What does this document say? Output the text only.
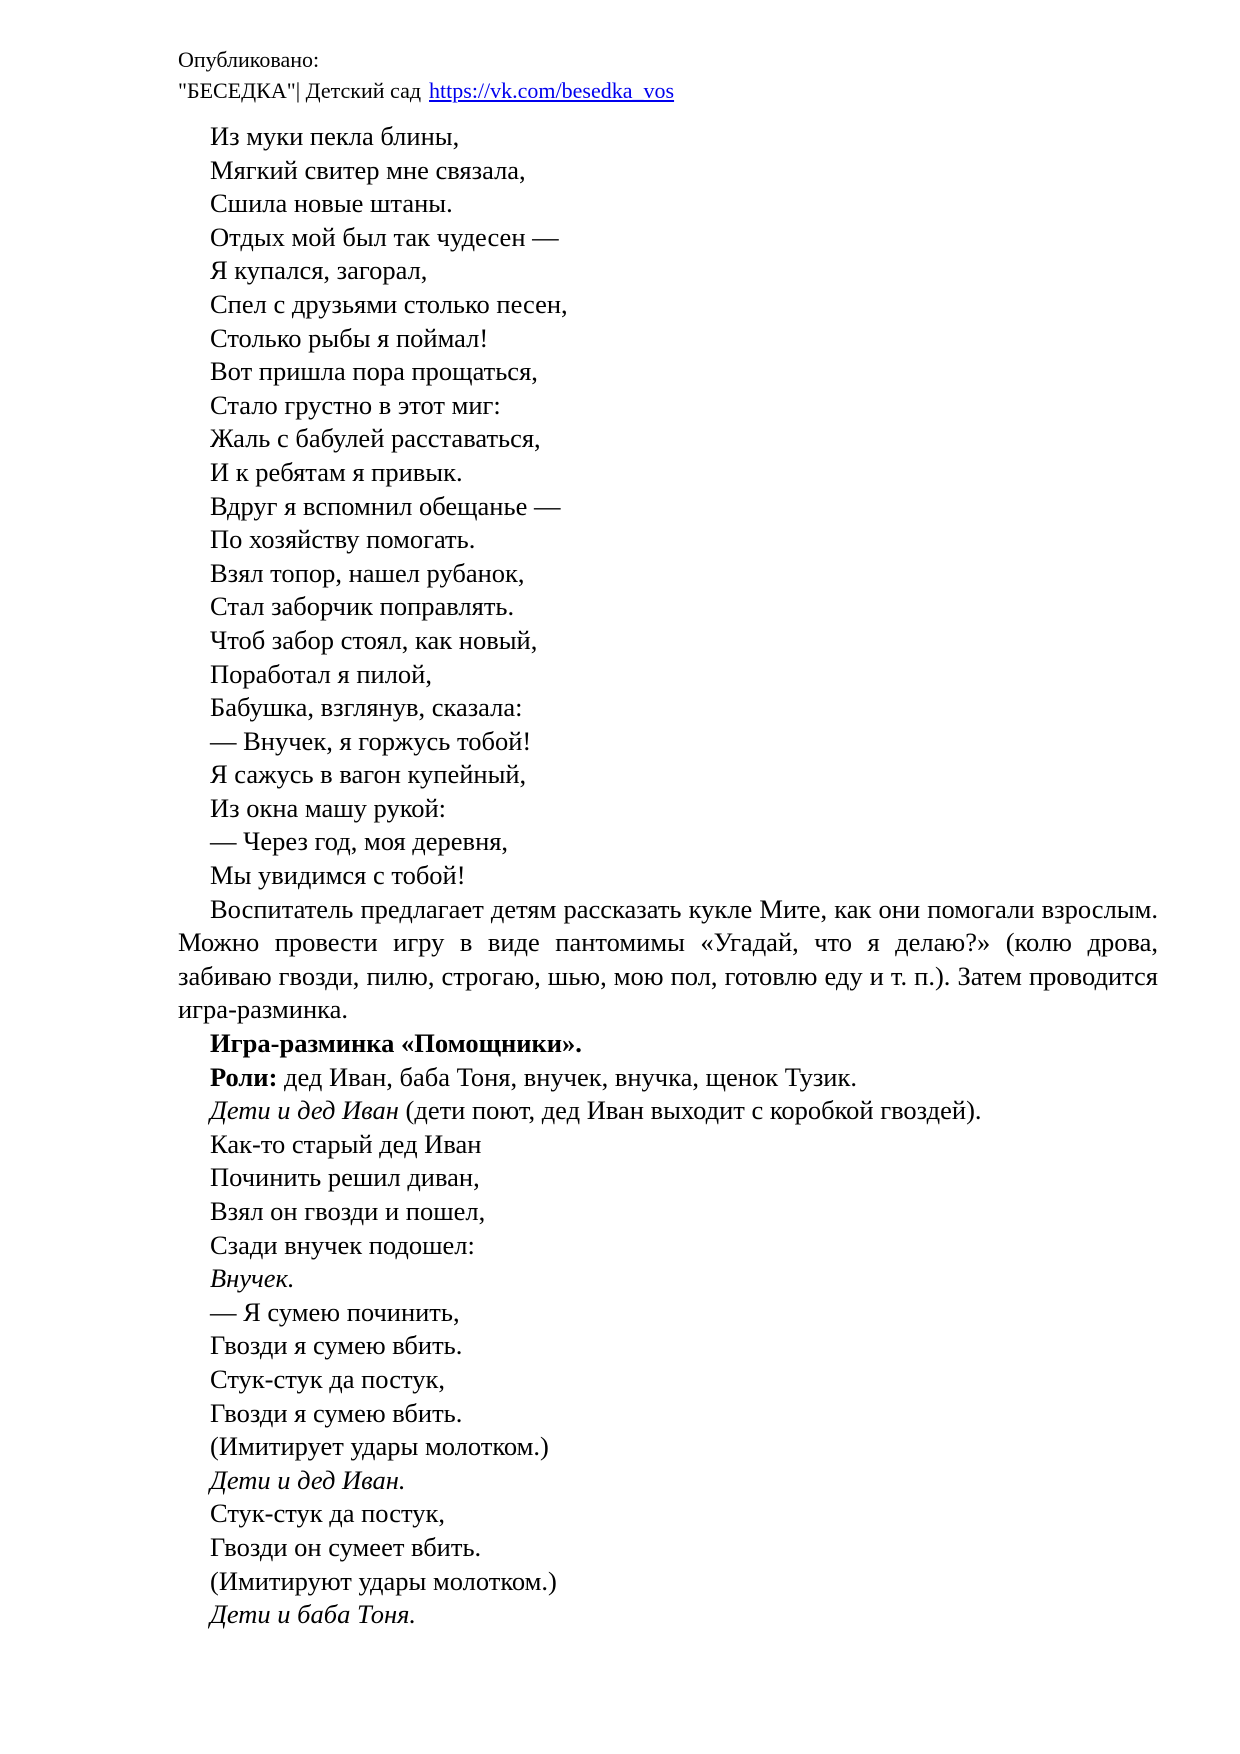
Опубликовано:
"БЕСЕДКА"| Детский сад https://vk.com/besedka_vos

Из муки пекла блины,

Мягкий свитер мне связала,

Сшила новые штаны.

Отдых мой был так чудесен —

Я купался, загорал,

Спел с друзьями столько песен,

Столько рыбы я поймал!

Вот пришла пора прощаться,

Стало грустно в этот миг:

Жаль с бабулей расставаться,

И к ребятам я привык.

Вдруг я вспомнил обещанье —

По хозяйству помогать.

Взял топор, нашел рубанок,

Стал заборчик поправлять.

Чтоб забор стоял, как новый,

Поработал я пилой,

Бабушка, взглянув, сказала:

— Внучек, я горжусь тобой!

Я сажусь в вагон купейный,

Из окна машу рукой:

— Через год, моя деревня,

Мы увидимся с тобой!

Воспитатель предлагает детям рассказать кукле Мите, как они помогали взрослым. Можно провести игру в виде пантомимы «Угадай, что я делаю?» (колю дрова, забиваю гвозди, пилю, строгаю, шью, мою пол, готовлю еду и т. п.). Затем проводится игра-разминка.

Игра-разминка «Помощники».

Роли: дед Иван, баба Тоня, внучек, внучка, щенок Тузик.

Дети и дед Иван (дети поют, дед Иван выходит с коробкой гвоздей).

Как-то старый дед Иван

Починить решил диван,

Взял он гвозди и пошел,

Сзади внучек подошел:

Внучек.

— Я сумею починить,

Гвозди я сумею вбить.

Стук-стук да постук,

Гвозди я сумею вбить.

(Имитирует удары молотком.)

Дети и дед Иван.

Стук-стук да постук,

Гвозди он сумеет вбить.

(Имитируют удары молотком.)

Дети и баба Тоня.
